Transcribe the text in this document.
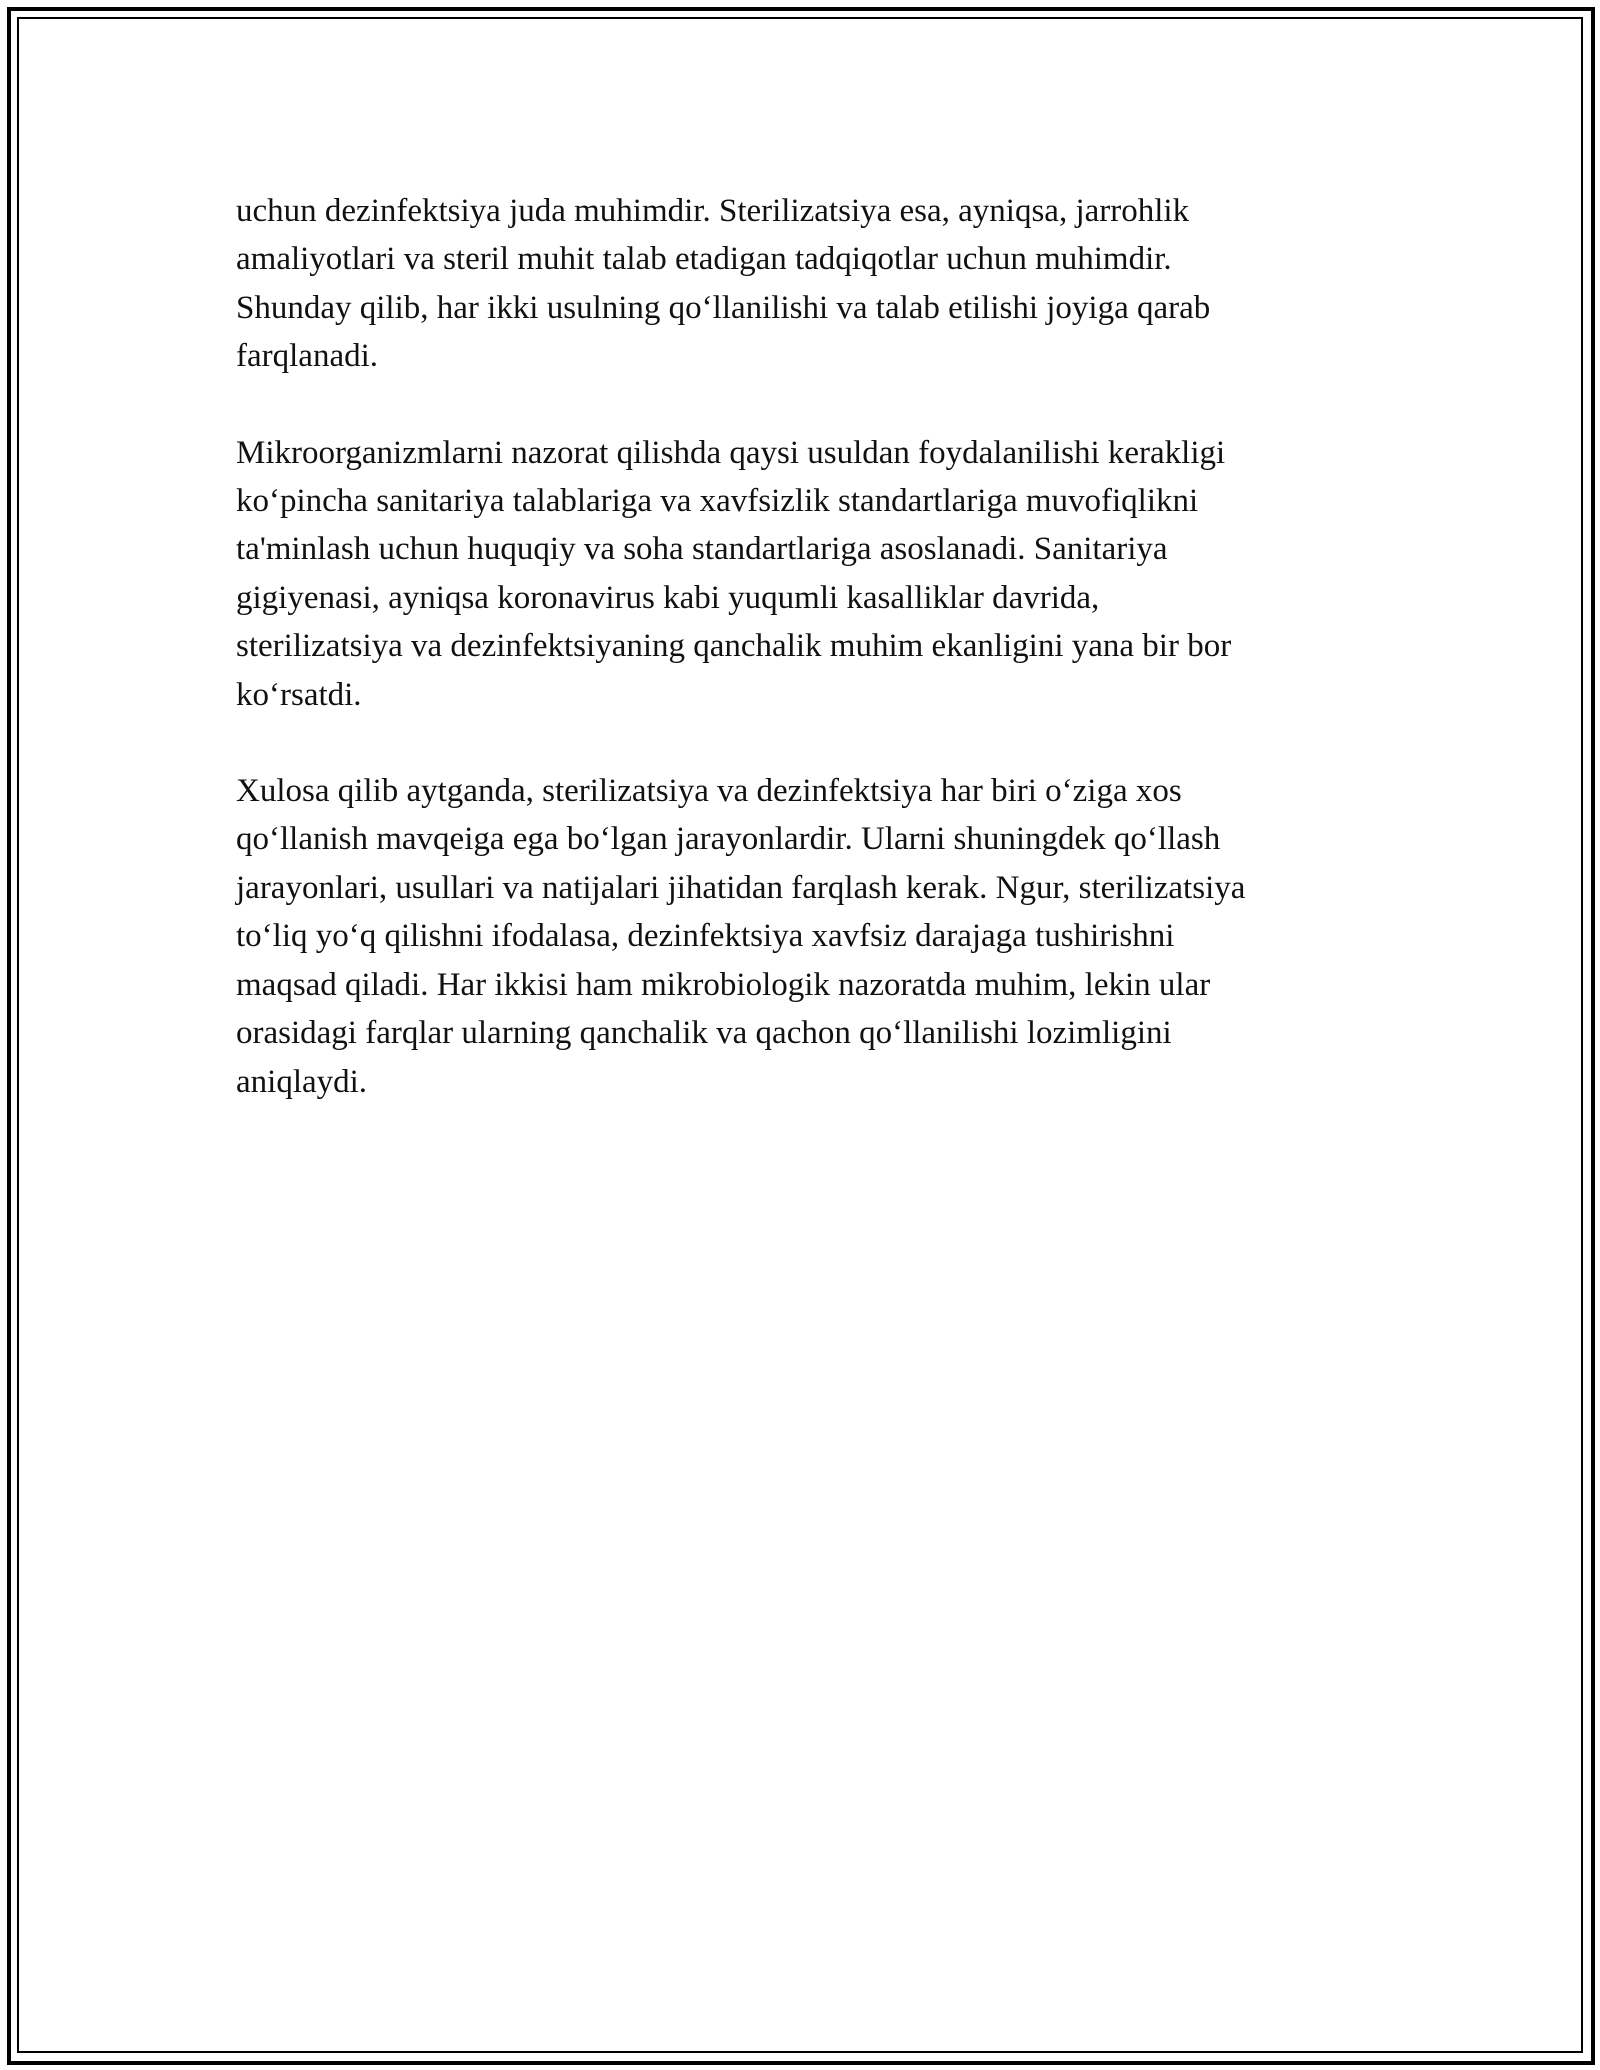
uchun dezinfektsiya juda muhimdir. Sterilizatsiya esa, ayniqsa, jarrohlik
amaliyotlari va steril muhit talab etadigan tadqiqotlar uchun muhimdir.
Shunday qilib, har ikki usulning qo‘llanilishi va talab etilishi joyiga qarab
farqlanadi.

Mikroorganizmlarni nazorat qilishda qaysi usuldan foydalanilishi kerakligi
ko‘pincha sanitariya talablariga va xavfsizlik standartlariga muvofiqlikni
ta'minlash uchun huquqiy va soha standartlariga asoslanadi. Sanitariya
gigiyenasi, ayniqsa koronavirus kabi yuqumli kasalliklar davrida,
sterilizatsiya va dezinfektsiyaning qanchalik muhim ekanligini yana bir bor
ko‘rsatdi.

Xulosa qilib aytganda, sterilizatsiya va dezinfektsiya har biri o‘ziga xos
qo‘llanish mavqeiga ega bo‘lgan jarayonlardir. Ularni shuningdek qo‘llash
jarayonlari, usullari va natijalari jihatidan farqlash kerak. Ngur, sterilizatsiya
to‘liq yo‘q qilishni ifodalasa, dezinfektsiya xavfsiz darajaga tushirishni
maqsad qiladi. Har ikkisi ham mikrobiologik nazoratda muhim, lekin ular
orasidagi farqlar ularning qanchalik va qachon qo‘llanilishi lozimligini
aniqlaydi.
